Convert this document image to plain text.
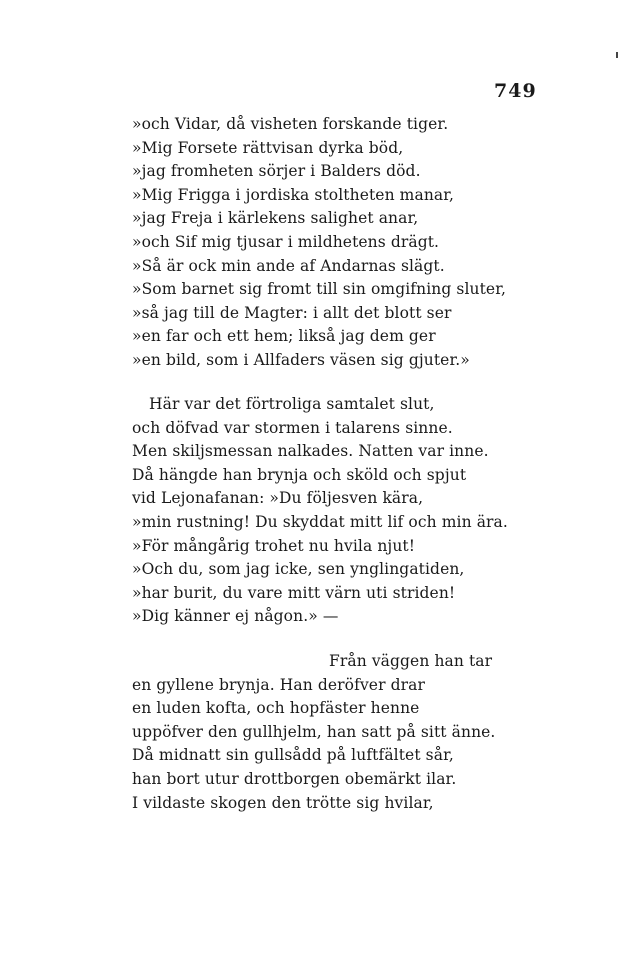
749
»och Vidar, då visheten forskande tiger.
»Mig Forsete rättvisan dyrka böd,
»jag fromheten sörjer i Balders död.
»Mig Frigga i jordiska stoltheten manar,
»jag Freja i kärlekens salighet anar,
»och Sif mig tjusar i mildhetens drägt.
»Så är ock min ande af Andarnas slägt.
»Som barnet sig fromt till sin omgifning sluter,
»så jag till de Magter: i allt det blott ser
»en far och ett hem; likså jag dem ger
»en bild, som i Allfaders väsen sig gjuter.»
Här var det förtroliga samtalet slut,
och döfvad var stormen i talarens sinne.
Men skiljsmessan nalkades. Natten var inne.
Då hängde han brynja och sköld och spjut
vid Lejonafanan: »Du följesven kära,
»min rustning! Du skyddat mitt lif och min ära.
»För mångårig trohet nu hvila njut!
»Och du, som jag icke, sen ynglingatiden,
»har burit, du vare mitt värn uti striden!
»Dig känner ej någon.» —
Från väggen han tar
en gyllene brynja. Han deröfver drar
en luden kofta, och hopfäster henne
uppöfver den gullhjelm, han satt på sitt änne.
Då midnatt sin gullsådd på luftfältet sår,
han bort utur drottborgen obemärkt ilar.
I vildaste skogen den trötte sig hvilar,
